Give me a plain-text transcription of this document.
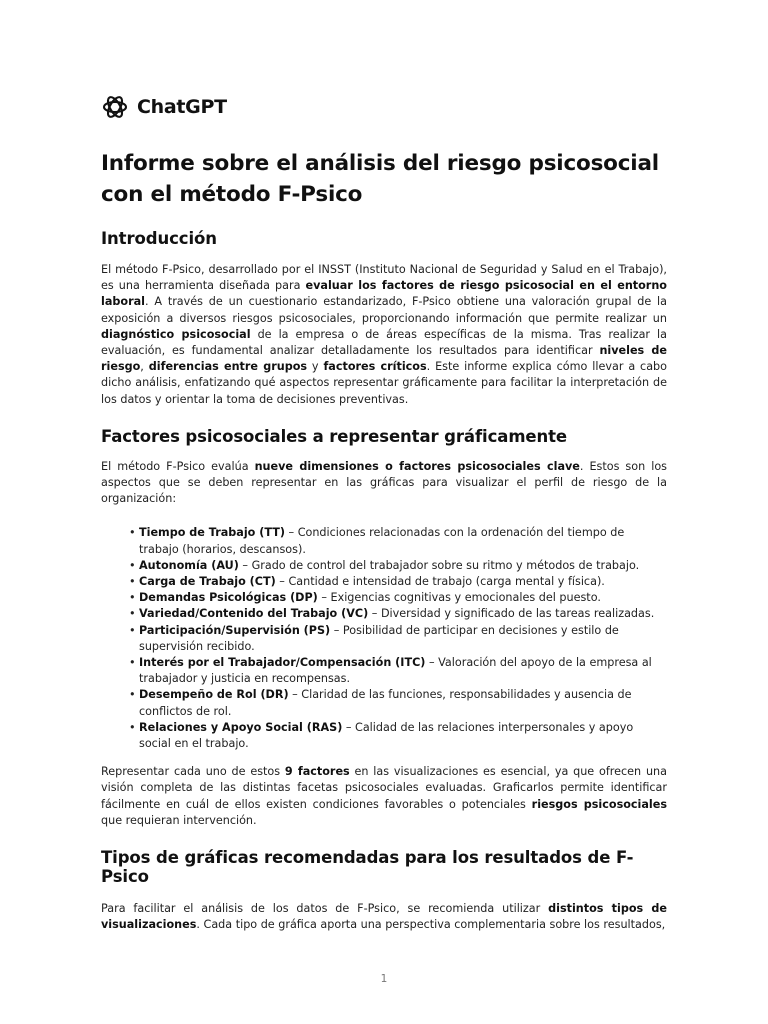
ChatGPT
Informe sobre el análisis del riesgo psicosocial con el método F-Psico
Introducción

El método F-Psico, desarrollado por el INSST (Instituto Nacional de Seguridad y Salud en el Trabajo), es una herramienta diseñada para evaluar los factores de riesgo psicosocial en el entorno laboral. A través de un cuestionario estandarizado, F-Psico obtiene una valoración grupal de la exposición a diversos riesgos psicosociales, proporcionando información que permite realizar un diagnóstico psicosocial de la empresa o de áreas específicas de la misma. Tras realizar la evaluación, es fundamental analizar detalladamente los resultados para identificar niveles de riesgo, diferencias entre grupos y factores críticos. Este informe explica cómo llevar a cabo dicho análisis, enfatizando qué aspectos representar gráficamente para facilitar la interpretación de los datos y orientar la toma de decisiones preventivas.

Factores psicosociales a representar gráficamente

El método F-Psico evalúa nueve dimensiones o factores psicosociales clave. Estos son los aspectos que se deben representar en las gráficas para visualizar el perfil de riesgo de la organización:

• Tiempo de Trabajo (TT) – Condiciones relacionadas con la ordenación del tiempo de trabajo (horarios, descansos).
• Autonomía (AU) – Grado de control del trabajador sobre su ritmo y métodos de trabajo.
• Carga de Trabajo (CT) – Cantidad e intensidad de trabajo (carga mental y física).
• Demandas Psicológicas (DP) – Exigencias cognitivas y emocionales del puesto.
• Variedad/Contenido del Trabajo (VC) – Diversidad y significado de las tareas realizadas.
• Participación/Supervisión (PS) – Posibilidad de participar en decisiones y estilo de supervisión recibido.
• Interés por el Trabajador/Compensación (ITC) – Valoración del apoyo de la empresa al trabajador y justicia en recompensas.
• Desempeño de Rol (DR) – Claridad de las funciones, responsabilidades y ausencia de conflictos de rol.
• Relaciones y Apoyo Social (RAS) – Calidad de las relaciones interpersonales y apoyo social en el trabajo.

Representar cada uno de estos 9 factores en las visualizaciones es esencial, ya que ofrecen una visión completa de las distintas facetas psicosociales evaluadas. Graficarlos permite identificar fácilmente en cuál de ellos existen condiciones favorables o potenciales riesgos psicosociales que requieran intervención.

Tipos de gráficas recomendadas para los resultados de F-Psico

Para facilitar el análisis de los datos de F-Psico, se recomienda utilizar distintos tipos de visualizaciones. Cada tipo de gráfica aporta una perspectiva complementaria sobre los resultados,

1
